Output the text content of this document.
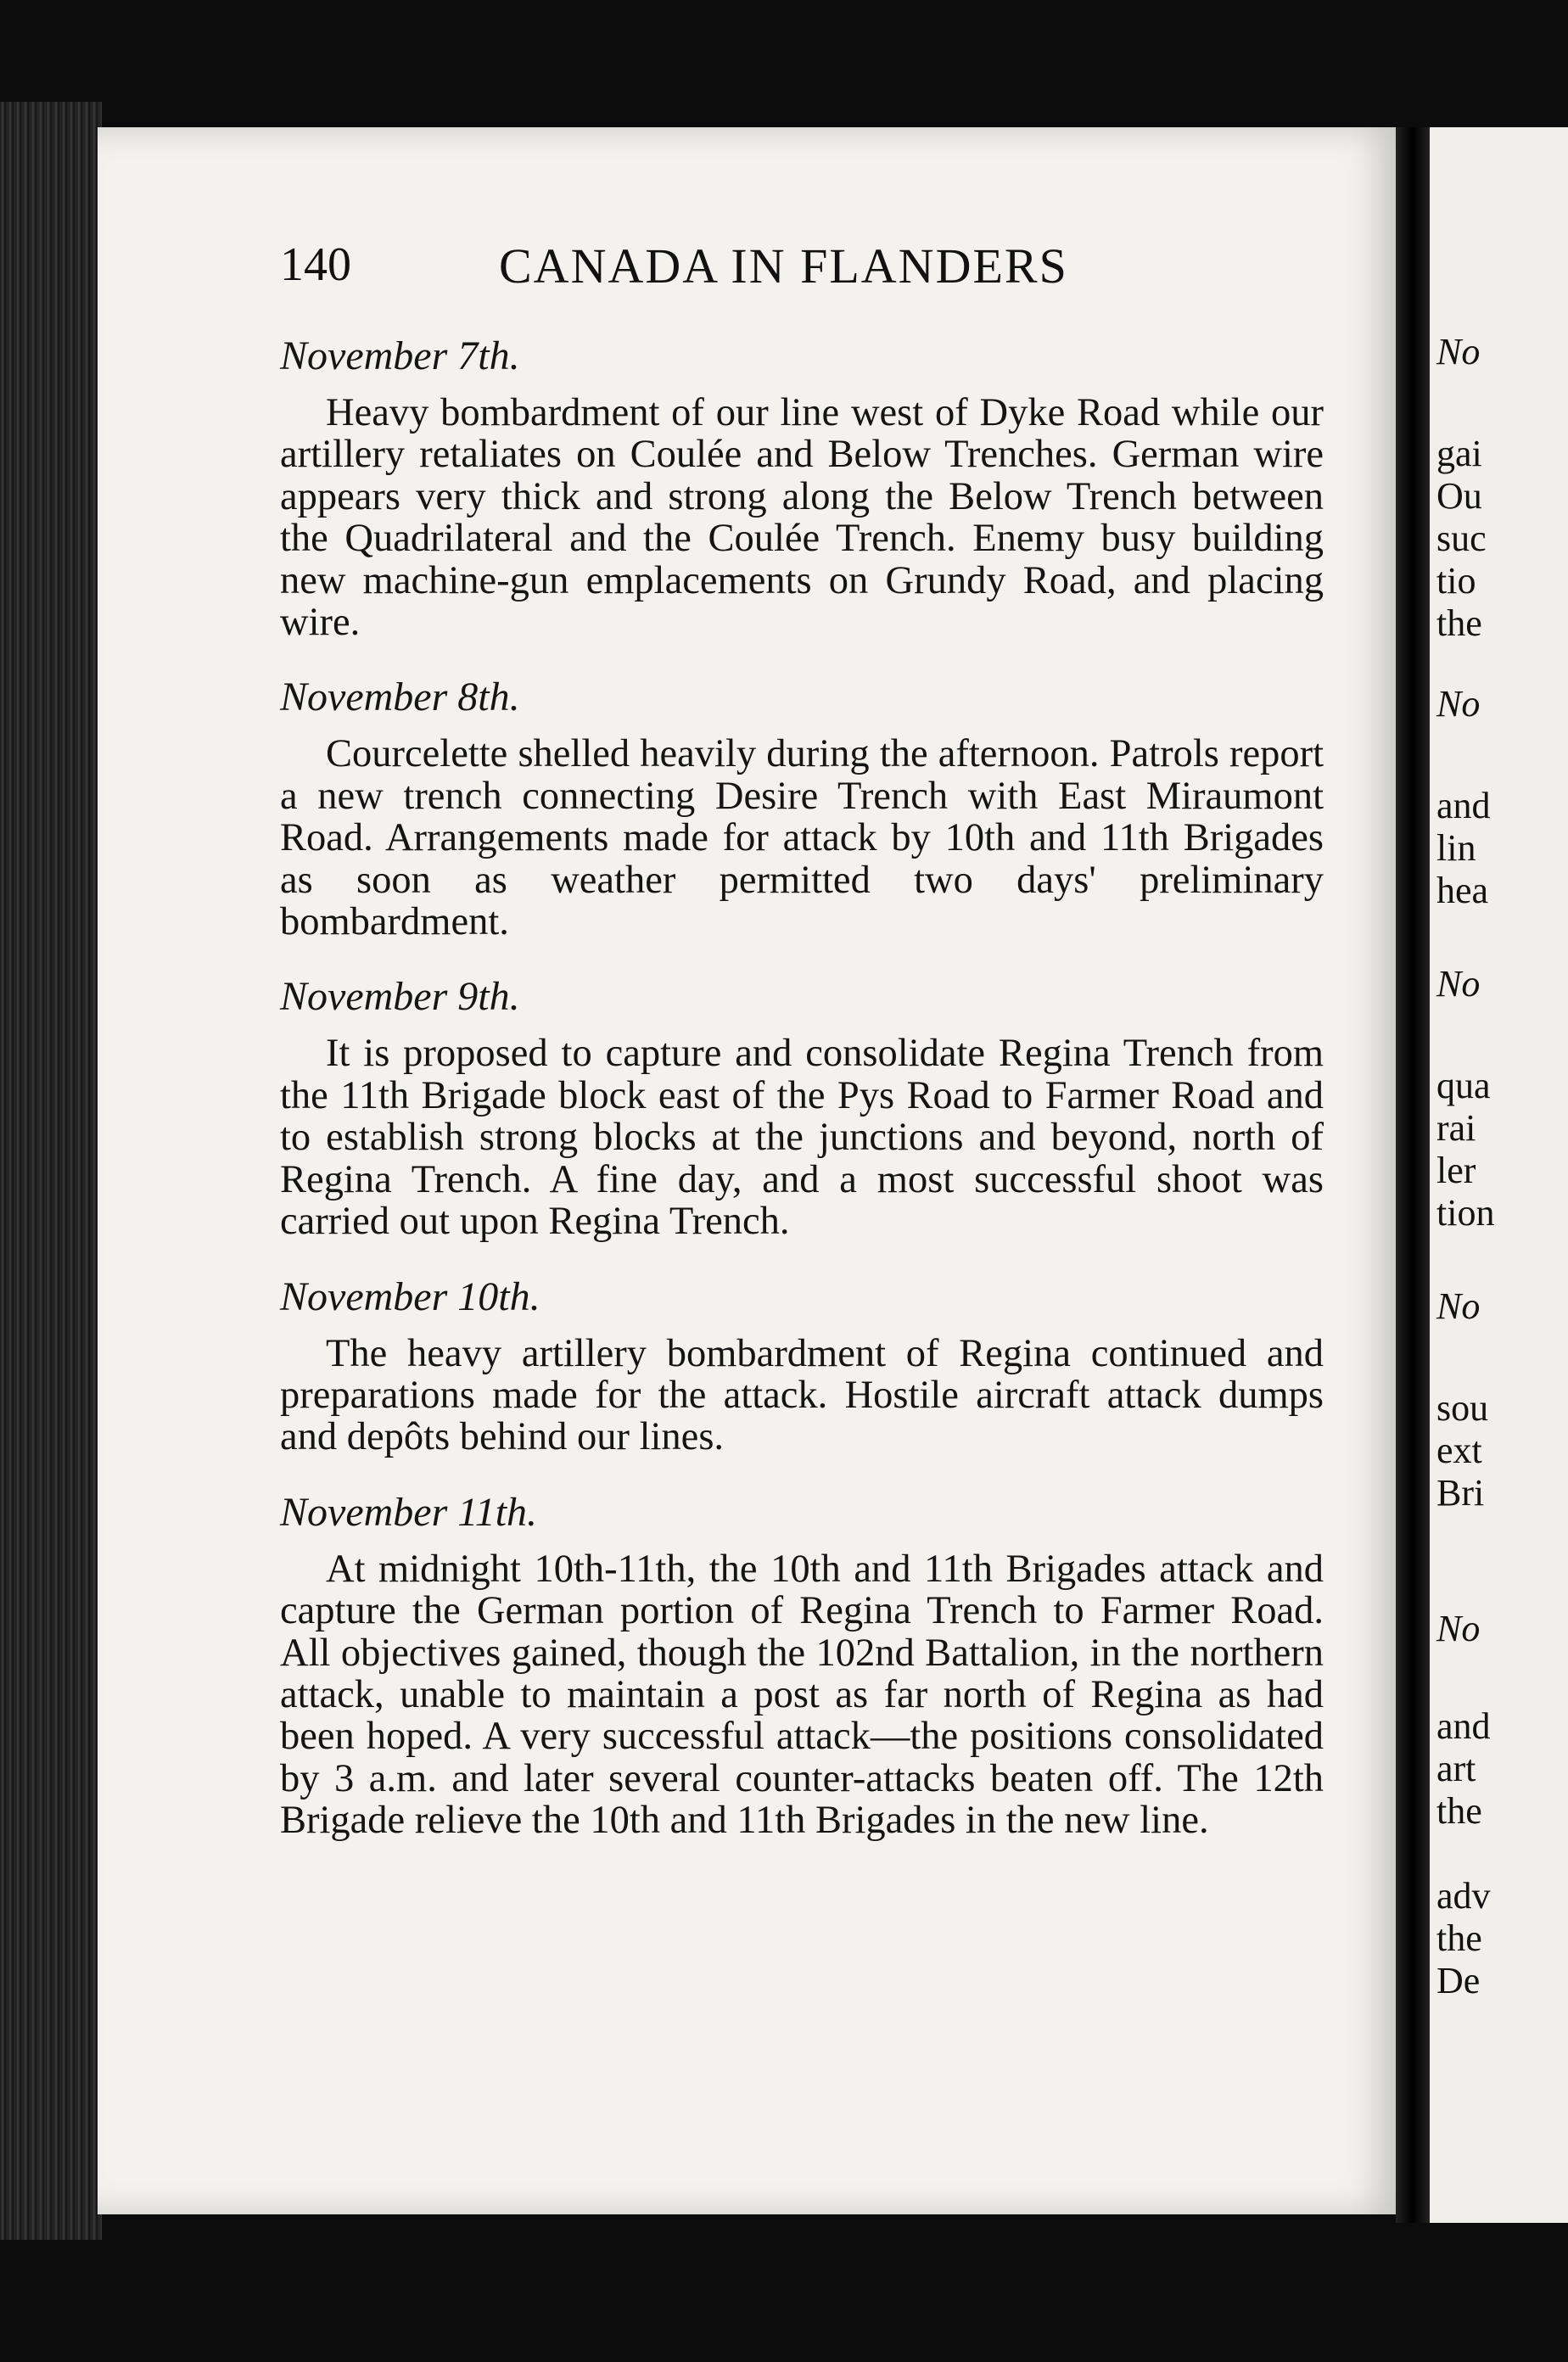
No
gai
Ou
suc
tio
the
No
and
lin
hea
No
qua
rai
ler
tion
No
sou
ext
Bri
No
and
art
the
adv
the
De
140	CANADA IN FLANDERS

November 7th.

Heavy bombardment of our line west of Dyke Road while our artillery retaliates on Coulée and Below Trenches. German wire appears very thick and strong along the Below Trench between the Quadrilateral and the Coulée Trench. Enemy busy building new machine-gun emplacements on Grundy Road, and placing wire.

November 8th.

Courcelette shelled heavily during the afternoon. Patrols report a new trench connecting Desire Trench with East Miraumont Road. Arrangements made for attack by 10th and 11th Brigades as soon as weather permitted two days' preliminary bombardment.

November 9th.

It is proposed to capture and consolidate Regina Trench from the 11th Brigade block east of the Pys Road to Farmer Road and to establish strong blocks at the junctions and beyond, north of Regina Trench. A fine day, and a most successful shoot was carried out upon Regina Trench.

November 10th.

The heavy artillery bombardment of Regina continued and preparations made for the attack. Hostile aircraft attack dumps and depôts behind our lines.

November 11th.

At midnight 10th-11th, the 10th and 11th Brigades attack and capture the German portion of Regina Trench to Farmer Road. All objectives gained, though the 102nd Battalion, in the northern attack, unable to maintain a post as far north of Regina as had been hoped. A very successful attack—the positions consolidated by 3 a.m. and later several counter-attacks beaten off. The 12th Brigade relieve the 10th and 11th Brigades in the new line.
